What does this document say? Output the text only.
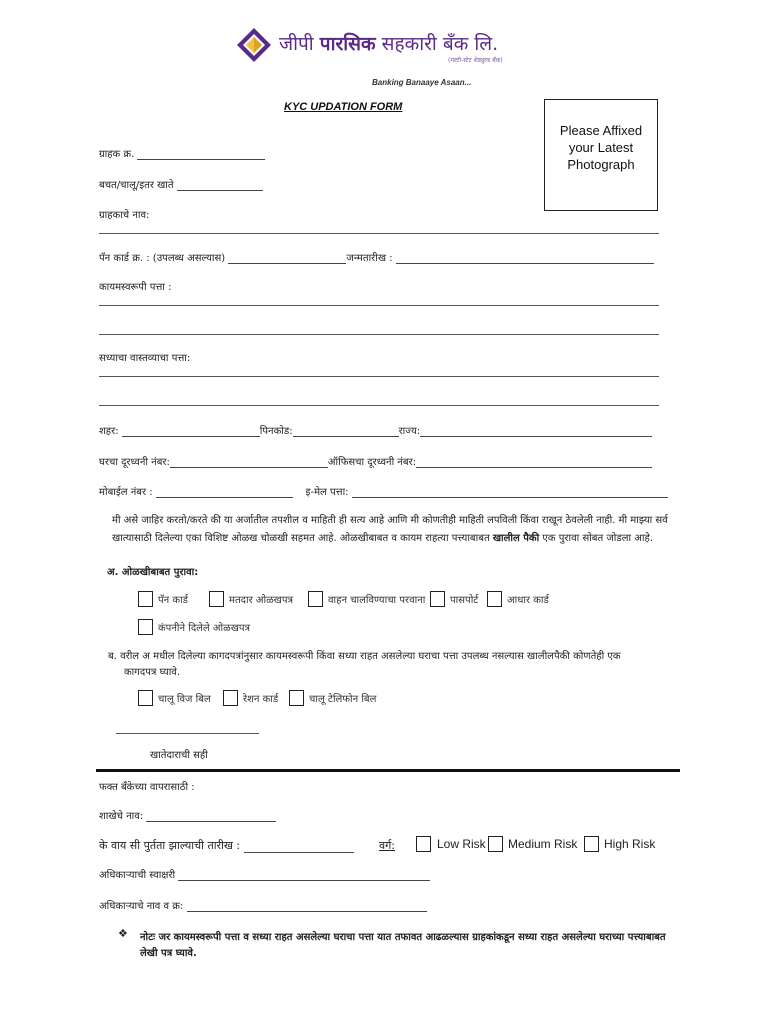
जीपी पारसिक सहकारी बँक लि.
(मल्टी-स्टेट शेड्युल्ड बँक)
Banking Banaaye Asaan...
KYC UPDATION FORM
Please Affixed your Latest Photograph
ग्राहक क्र.
बचत/चालू/इतर खाते
ग्राहकाचे नाव:
पॅन कार्ड क्र. : (उपलब्ध असल्यास)	जन्मतारीख :
कायमस्वरूपी पत्ता :
सध्याचा वास्तव्याचा पत्ता:
शहर:	पिनकोड:	राज्य:
घरचा दूरध्वनी नंबर:	ऑफिसचा दूरध्वनी नंबर:
मोबाईल नंबर :	इ-मेल पत्ता:
मी असे जाहिर करतो/करते की या अर्जातील तपशील व माहिती ही सत्य आहे आणि मी कोणतीही माहिती लपविली किंवा राखून ठेवलेली नाही. मी माझ्या सर्व
खात्यासाठी दिलेल्या एका विशिष्ट ओळख चोळखी सहमत आहे. ओळखीबाबत व कायम राहत्या पत्त्याबाबत खालील पैकी एक पुरावा सोबत जोडला आहे.
अ. ओळखीबाबत पुरावा:
पॅन कार्ड	मतदार ओळखपत्र	वाहन चालविण्याचा परवाना पासपोर्ट	आधार कार्ड
कंपनीने दिलेले ओळखपत्र
ब. वरील अ मधील दिलेल्या कागदपत्रांनुसार कायमस्वरूपी किंवा सध्या राहत असलेल्या घराचा पत्ता उपलब्ध नसल्यास खालीलपैकी कोणतेही एक
कागदपत्र घ्यावे.
चालू विज बिल	रेशन कार्ड	चालू टेलिफोन बिल
खातेदाराची सही
फक्त बँकेच्या वापरासाठी :
शाखेचे नाव:
के वाय सी पुर्तता झाल्याची तारीख :	वर्ग:	Low Risk Medium Risk High Risk
अधिकाऱ्याची स्वाक्षरी
अधिकाऱ्याचे नाव व क्र:
❖ नोटः जर कायमस्वरूपी पत्ता व सध्या राहत असलेल्या घराचा पत्ता यात तफावत आढळल्यास ग्राहकांकडून सध्या राहत असलेल्या घराच्या पत्त्याबाबत
लेखी पत्र घ्यावे.
